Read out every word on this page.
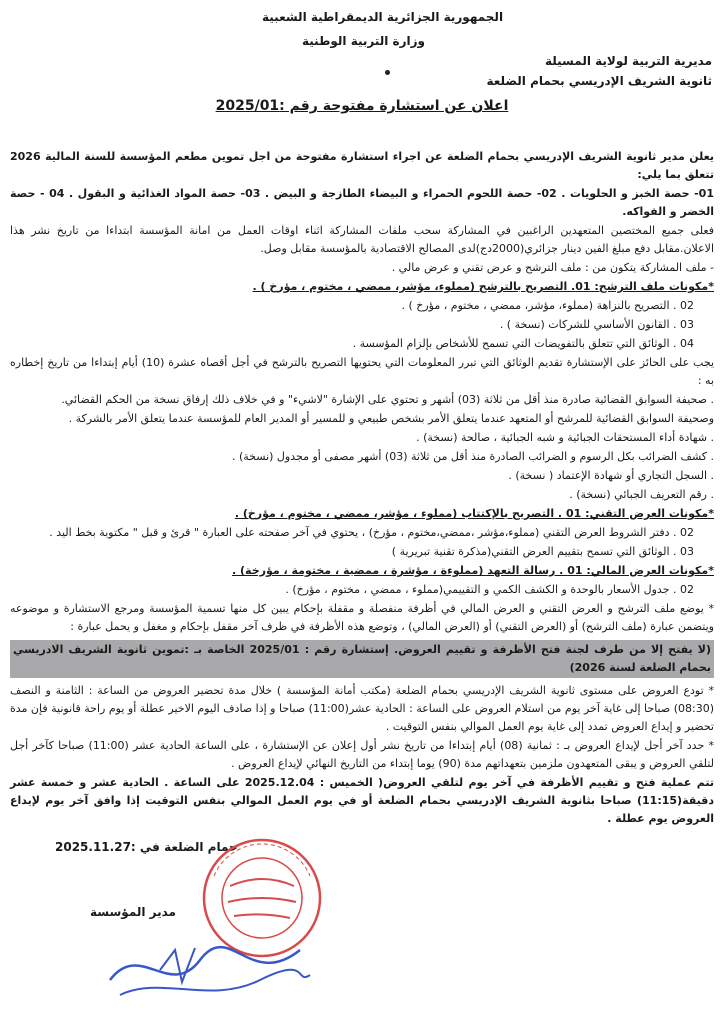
الجمهورية الجزائرية الديمقراطية الشعبية
وزارة التربية الوطنية
مديرية التربية لولاية المسيلة
ثانوية الشريف الإدريسي بحمام الضلعة
اعلان عن استشارة مفتوحة رقم :2025/01

يعلن مدير ثانوية الشريف الإدريسي بحمام الضلعة عن اجراء استشارة مفتوحة من اجل تموين مطعم المؤسسة للسنة المالية 2026 تتعلق بما يلي:

01- حصة الخبز و الحلويات . 02- حصة اللحوم الحمراء و البيضاء الطازجة و البيض . 03- حصة المواد الغذائية و البقول . 04 - حصة الخضر و الفواكه.

فعلى جميع المختصين المتعهدين الراغبين في المشاركة سحب ملفات المشاركة اثناء اوقات العمل من امانة المؤسسة ابتداءا من تاريخ نشر هذا الاعلان.مقابل دفع مبلغ الفين دينار جزائري(2000دج)لدى المصالح الاقتصادية بالمؤسسة مقابل وصل.

- ملف المشاركة يتكون من : ملف الترشح و عرض تقني و عرض مالي .

*مكونات ملف الترشح: 01. التصريح بالترشح (مملوء، مؤشر، ممضي ، مختوم ، مؤرخ ) .

02 . التصريح بالنزاهة (مملوء، مؤشر، ممضي ، مختوم ، مؤرخ ) .

03 . القانون الأساسي للشركات (نسخة ) .

04 . الوثائق التي تتعلق بالتفويضات التي تسمح للأشخاص بإلزام المؤسسة .

يجب على الحائز على الإستشارة تقديم الوثائق التي تبرر المعلومات التي يحتويها التصريح بالترشح في أجل أقصاه عشرة (10) أيام إبتداءا من تاريخ إخطاره به :

. صحيفة السوابق القضائية صادرة منذ أقل من ثلاثة (03) أشهر و تحتوي على الإشارة "لاشيء" و في خلاف ذلك إرفاق نسخة من الحكم القضائي.

وصحيفة السوابق القضائية للمرشح أو المتعهد عندما يتعلق الأمر بشخص طبيعي و للمسير أو المدير العام للمؤسسة عندما يتعلق الأمر بالشركة .

. شهادة أداء المستحقات الجبائية و شبه الجبائية ، صالحة (نسخة) .

. كشف الضرائب بكل الرسوم و الضرائب الصادرة منذ أقل من ثلاثة (03) أشهر مصفى أو مجدول (نسخة) .

. السجل التجاري أو شهادة الإعتماد ( نسخة) .

. رقم التعريف الجبائي (نسخة) .

*مكونات العرض التقني: 01 . التصريح بالإكتتاب (مملوء ، مؤشر، ممضي ، مختوم ، مؤرخ) .

02 . دفتر الشروط العرض التقني (مملوء،مؤشر ،ممضي،مختوم ، مؤرخ) ، يحتوي في آخر صفحته على العبارة " قرئ و قبل " مكتوبة بخط اليد .

03 . الوثائق التي تسمح بتقييم العرض التقني(مذكرة تقنية تبريرية )

*مكونات العرض المالي: 01 . رسالة التعهد (مملوءة ، مؤشرة ، ممضية ، مختومة ، مؤرخة) .

02 . جدول الأسعار بالوحدة و الكشف الكمي و التقييمي(مملوء ، ممضي ، مختوم ، مؤرخ) .

* يوضع ملف الترشح و العرض التقني و العرض المالي في أظرفة منفصلة و مقفلة بإحكام يبين كل منها تسمية المؤسسة ومرجع الاستشارة و موضوعه ويتضمن عبارة (ملف الترشح) أو (العرض التقني) أو (العرض المالي) ، وتوضع هذه الأظرفة في ظرف آخر مقفل بإحكام و مغفل و يحمل عبارة :

(لا يفتح إلا من طرف لجنة فتح الأظرفة و تقييم العروض. إستشارة رقم : 2025/01 الخاصة بـ :تموين ثانوية الشريف الادريسي بحمام الضلعة لسنة 2026)

* تودع العروض على مستوى ثانوية الشريف الإدريسي بحمام الضلعة (مكتب أمانة المؤسسة ) خلال مدة تحضير العروض من الساعة : الثامنة و النصف (08:30) صباحا إلى غاية آخر يوم من استلام العروض على الساعة : الحادية عشر(11:00) صباحا و إذا صادف اليوم الاخير عطلة أو يوم راحة قانونية فإن مدة تحضير و إيداع العروض تمدد إلى غاية يوم العمل الموالي بنفس التوقيت .

* حدد آخر أجل لإيداع العروض بـ : ثمانية (08) أيام إبتداءا من تاريخ نشر أول إعلان عن الإستشارة ، على الساعة الحادية عشر (11:00) صباحا كآخر أجل لتلقي العروض و يبقى المتعهدون ملزمين بتعهداتهم مدة (90) يوما إبتداء من التاريخ النهائي لإيداع العروض .

تتم عملية فتح و تقييم الأظرفة في آخر يوم لتلقي العروض( الخميس : 2025.12.04 على الساعة . الحادية عشر و خمسة عشر دقيقة(11:15) صباحا بثانوية الشريف الإدريسي بحمام الضلعة أو في يوم العمل الموالي بنفس التوقيت إذا وافق آخر يوم لإيداع العروض يوم عطلة .

حمام الضلعة في :2025.11.27
مدير المؤسسة
